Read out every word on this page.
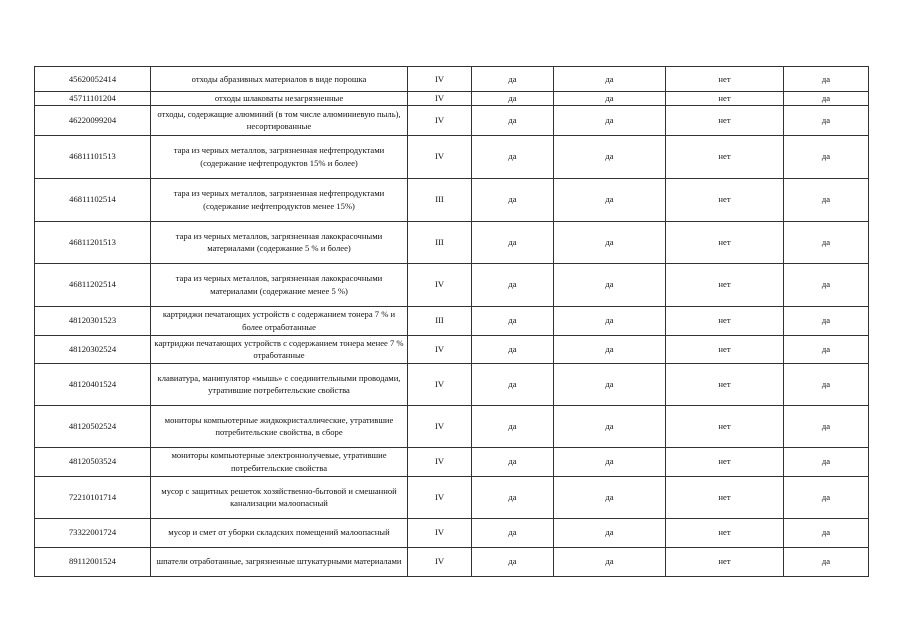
45620052414	отходы абразивных материалов в виде порошка	IV	да	да	нет	да
45711101204	отходы шлаковаты незагрязненные	IV	да	да	нет	да
46220099204	отходы, содержащие алюминий (в том числе алюминиевую пыль), несортированные	IV	да	да	нет	да
46811101513	тара из черных металлов, загрязненная нефтепродуктами (содержание нефтепродуктов 15% и более)	IV	да	да	нет	да
46811102514	тара из черных металлов, загрязненная нефтепродуктами (содержание нефтепродуктов менее 15%)	III	да	да	нет	да
46811201513	тара из черных металлов, загрязненная лакокрасочными материалами (содержание 5 % и более)	III	да	да	нет	да
46811202514	тара из черных металлов, загрязненная лакокрасочными материалами (содержание менее 5 %)	IV	да	да	нет	да
48120301523	картриджи печатающих устройств с содержанием тонера 7 % и более отработанные	III	да	да	нет	да
48120302524	картриджи печатающих устройств с содержанием тонера менее 7 % отработанные	IV	да	да	нет	да
48120401524	клавиатура, манипулятор «мышь» с соединительными проводами, утратившие потребительские свойства	IV	да	да	нет	да
48120502524	мониторы компьютерные жидкокристаллические, утратившие потребительские свойства, в сборе	IV	да	да	нет	да
48120503524	мониторы компьютерные электроннолучевые, утратившие потребительские свойства	IV	да	да	нет	да
72210101714	мусор с защитных решеток хозяйственно-бытовой и смешанной канализации малоопасный	IV	да	да	нет	да
73322001724	мусор и смет от уборки складских помещений малоопасный	IV	да	да	нет	да
89112001524	шпатели отработанные, загрязненные штукатурными материалами	IV	да	да	нет	да
